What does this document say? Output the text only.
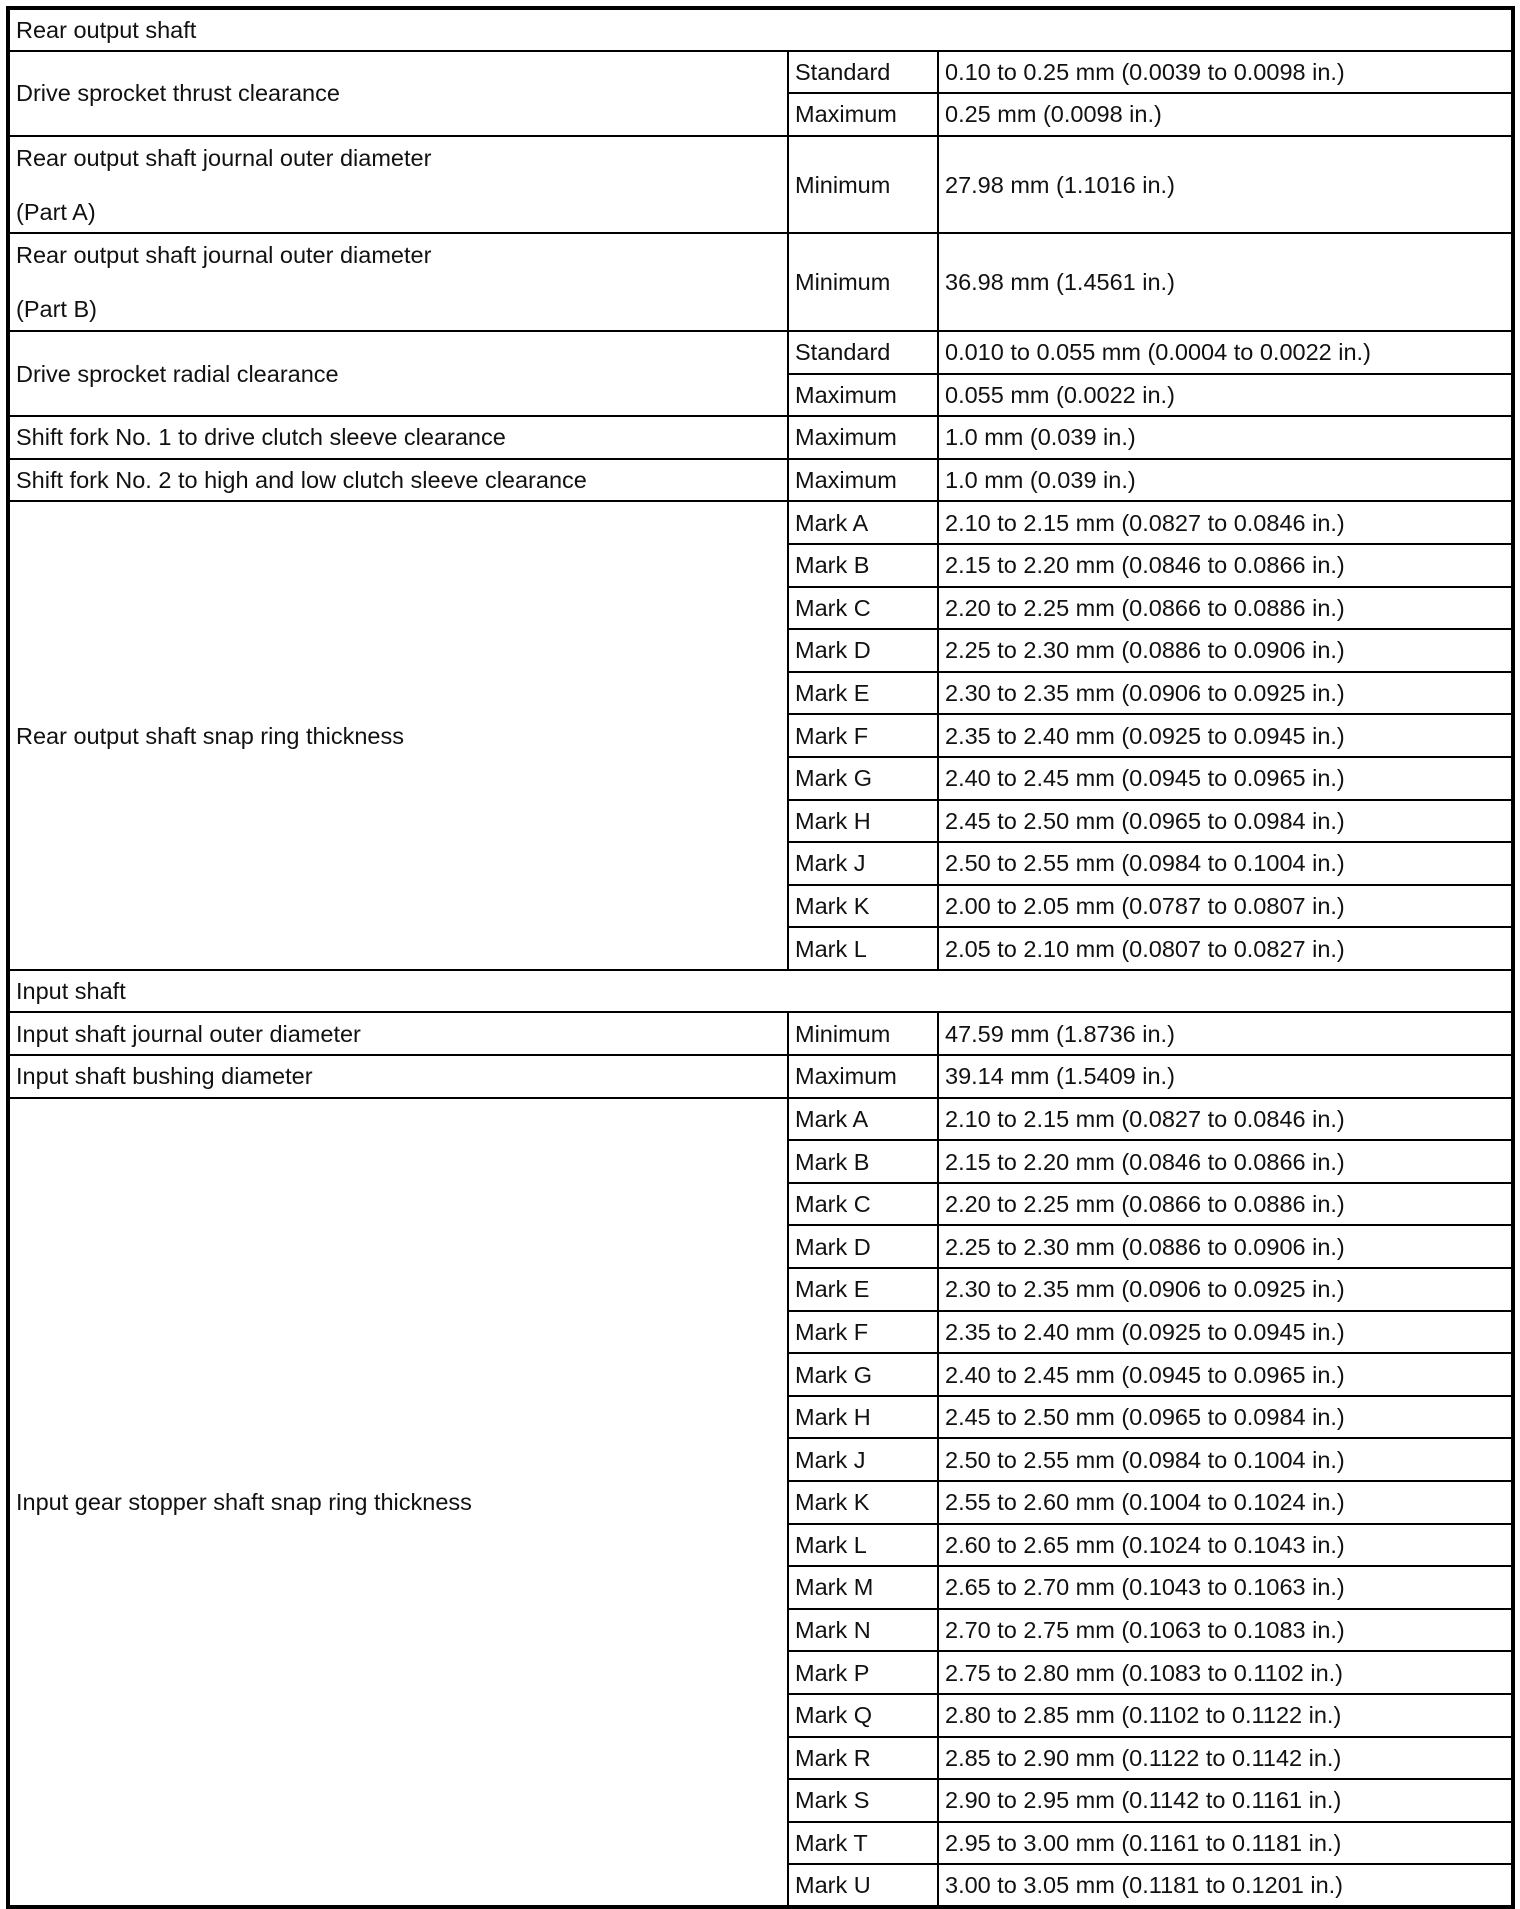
Rear output shaft		
Drive sprocket thrust clearance	Standard	0.10 to 0.25 mm (0.0039 to 0.0098 in.)
	Maximum	0.25 mm (0.0098 in.)

Rear output shaft journal outer diameter
(Part A)	Minimum	27.98 mm (1.1016 in.)

Rear output shaft journal outer diameter
(Part B)	Minimum	36.98 mm (1.4561 in.)
Drive sprocket radial clearance	Standard	0.010 to 0.055 mm (0.0004 to 0.0022 in.)
	Maximum	0.055 mm (0.0022 in.)
Shift fork No. 1 to drive clutch sleeve clearance	Maximum	1.0 mm (0.039 in.)
Shift fork No. 2 to high and low clutch sleeve clearance	Maximum	1.0 mm (0.039 in.)
Rear output shaft snap ring thickness	Mark A	2.10 to 2.15 mm (0.0827 to 0.0846 in.)
	Mark B	2.15 to 2.20 mm (0.0846 to 0.0866 in.)
	Mark C	2.20 to 2.25 mm (0.0866 to 0.0886 in.)
	Mark D	2.25 to 2.30 mm (0.0886 to 0.0906 in.)
	Mark E	2.30 to 2.35 mm (0.0906 to 0.0925 in.)
	Mark F	2.35 to 2.40 mm (0.0925 to 0.0945 in.)
	Mark G	2.40 to 2.45 mm (0.0945 to 0.0965 in.)
	Mark H	2.45 to 2.50 mm (0.0965 to 0.0984 in.)
	Mark J	2.50 to 2.55 mm (0.0984 to 0.1004 in.)
	Mark K	2.00 to 2.05 mm (0.0787 to 0.0807 in.)
	Mark L	2.05 to 2.10 mm (0.0807 to 0.0827 in.)
Input shaft		
Input shaft journal outer diameter	Minimum	47.59 mm (1.8736 in.)
Input shaft bushing diameter	Maximum	39.14 mm (1.5409 in.)
Input gear stopper shaft snap ring thickness	Mark A	2.10 to 2.15 mm (0.0827 to 0.0846 in.)
	Mark B	2.15 to 2.20 mm (0.0846 to 0.0866 in.)
	Mark C	2.20 to 2.25 mm (0.0866 to 0.0886 in.)
	Mark D	2.25 to 2.30 mm (0.0886 to 0.0906 in.)
	Mark E	2.30 to 2.35 mm (0.0906 to 0.0925 in.)
	Mark F	2.35 to 2.40 mm (0.0925 to 0.0945 in.)
	Mark G	2.40 to 2.45 mm (0.0945 to 0.0965 in.)
	Mark H	2.45 to 2.50 mm (0.0965 to 0.0984 in.)
	Mark J	2.50 to 2.55 mm (0.0984 to 0.1004 in.)
	Mark K	2.55 to 2.60 mm (0.1004 to 0.1024 in.)
	Mark L	2.60 to 2.65 mm (0.1024 to 0.1043 in.)
	Mark M	2.65 to 2.70 mm (0.1043 to 0.1063 in.)
	Mark N	2.70 to 2.75 mm (0.1063 to 0.1083 in.)
	Mark P	2.75 to 2.80 mm (0.1083 to 0.1102 in.)
	Mark Q	2.80 to 2.85 mm (0.1102 to 0.1122 in.)
	Mark R	2.85 to 2.90 mm (0.1122 to 0.1142 in.)
	Mark S	2.90 to 2.95 mm (0.1142 to 0.1161 in.)
	Mark T	2.95 to 3.00 mm (0.1161 to 0.1181 in.)
	Mark U	3.00 to 3.05 mm (0.1181 to 0.1201 in.)
